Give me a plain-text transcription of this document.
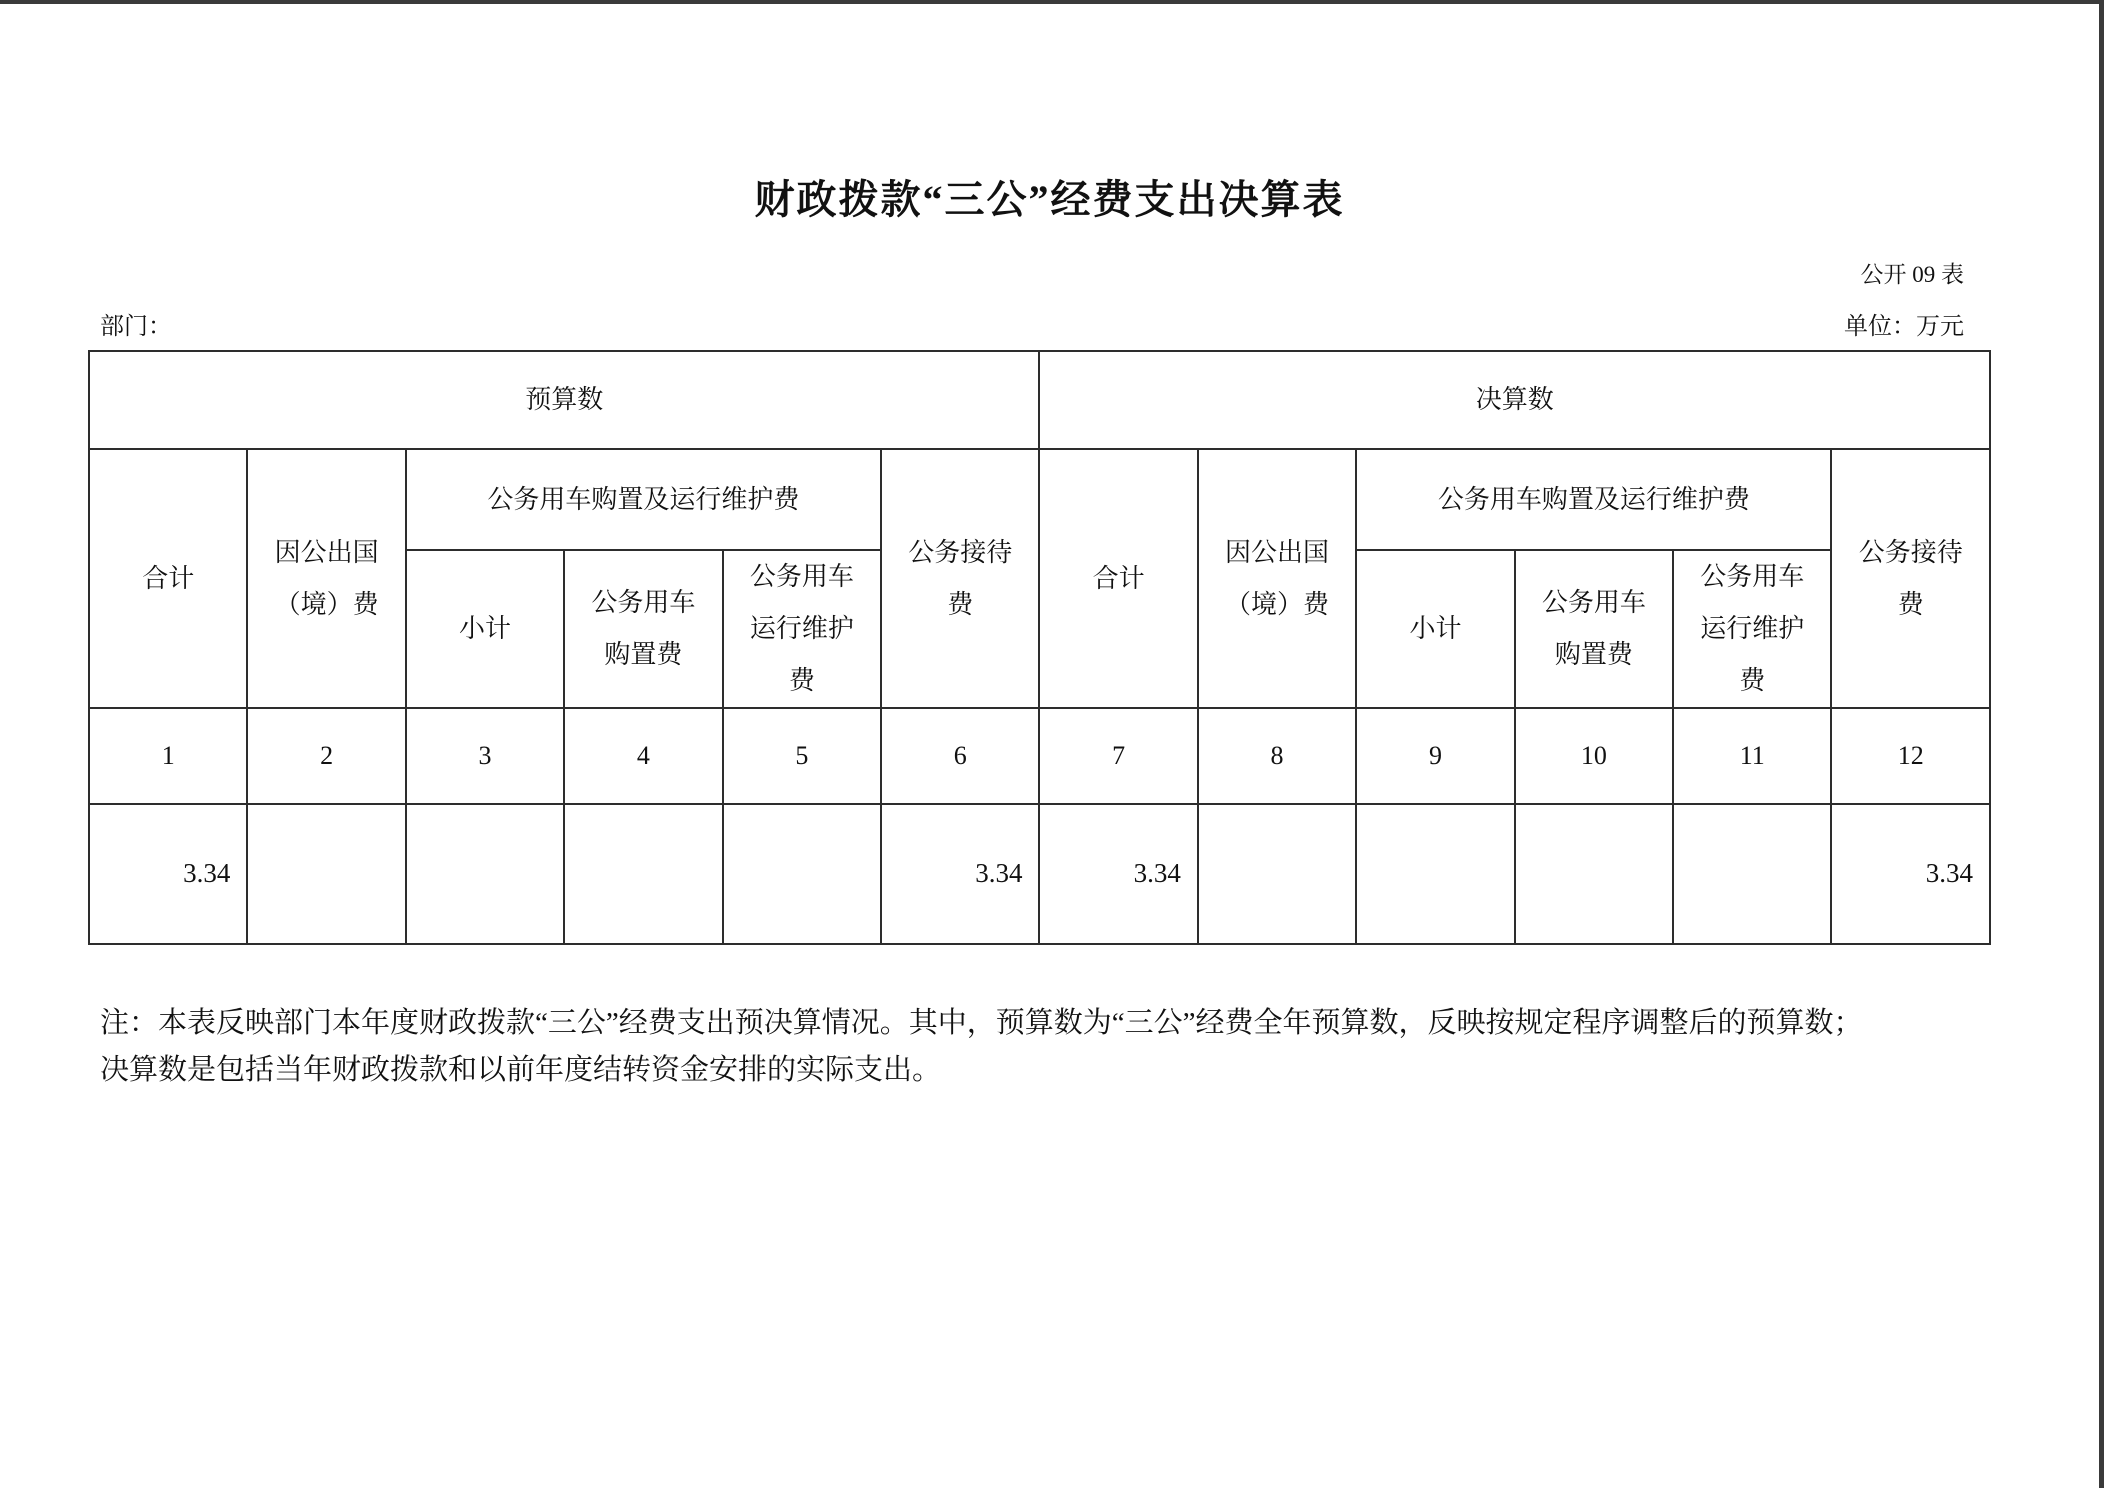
财政拨款“三公”经费支出决算表
公开 09 表
部门：	单位：万元
预算数						决算数					
合计	因公出国（境）费	公务用车购置及运行维护费			公务接待费	合计	因公出国（境）费	公务用车购置及运行维护费			公务接待费
		小计	公务用车购置费	公务用车运行维护费				小计	公务用车购置费	公务用车运行维护费	
1	2	3	4	5	6	7	8	9	10	11	12
3.34					3.34	3.34					3.34
注：本表反映部门本年度财政拨款“三公”经费支出预决算情况。其中，预算数为“三公”经费全年预算数，反映按规定程序调整后的预算数；
决算数是包括当年财政拨款和以前年度结转资金安排的实际支出。
